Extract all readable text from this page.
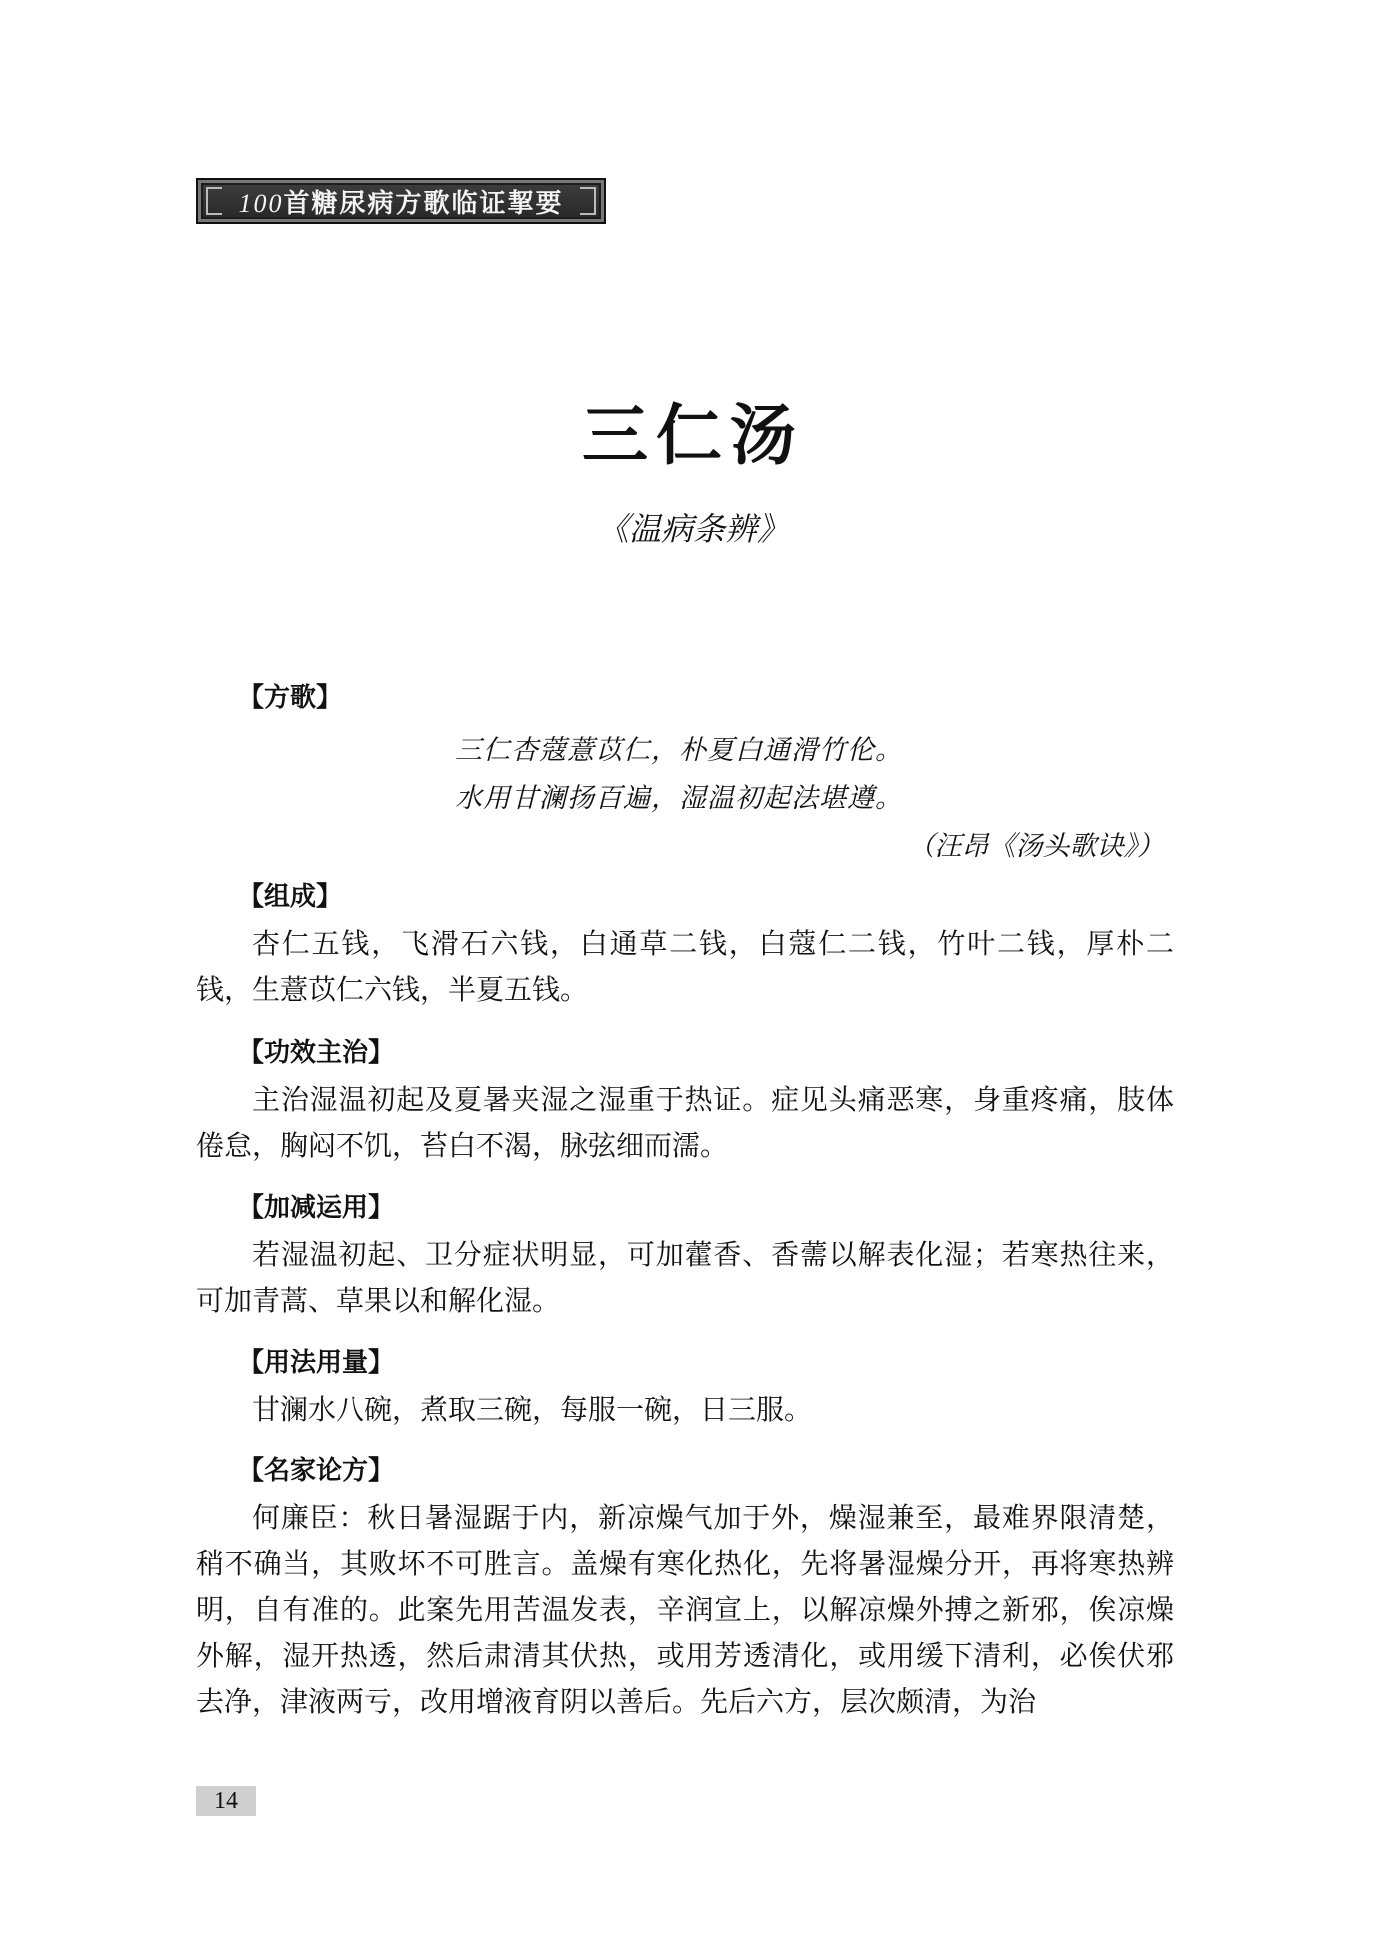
100首糖尿病方歌临证挈要
三仁汤
《温病条辨》
【方歌】
三仁杏蔻薏苡仁，朴夏白通滑竹伦。
水用甘澜扬百遍，湿温初起法堪遵。
（汪昂《汤头歌诀》）
【组成】

杏仁五钱，飞滑石六钱，白通草二钱，白蔻仁二钱，竹叶二钱，厚朴二钱，生薏苡仁六钱，半夏五钱。

【功效主治】

主治湿温初起及夏暑夹湿之湿重于热证。症见头痛恶寒，身重疼痛，肢体倦怠，胸闷不饥，苔白不渴，脉弦细而濡。

【加减运用】

若湿温初起、卫分症状明显，可加藿香、香薷以解表化湿；若寒热往来，可加青蒿、草果以和解化湿。

【用法用量】

甘澜水八碗，煮取三碗，每服一碗，日三服。

【名家论方】

何廉臣：秋日暑湿踞于内，新凉燥气加于外，燥湿兼至，最难界限清楚，稍不确当，其败坏不可胜言。盖燥有寒化热化，先将暑湿燥分开，再将寒热辨明，自有准的。此案先用苦温发表，辛润宣上，以解凉燥外搏之新邪，俟凉燥外解，湿开热透，然后肃清其伏热，或用芳透清化，或用缓下清利，必俟伏邪去净，津液两亏，改用增液育阴以善后。先后六方，层次颇清，为治

14
